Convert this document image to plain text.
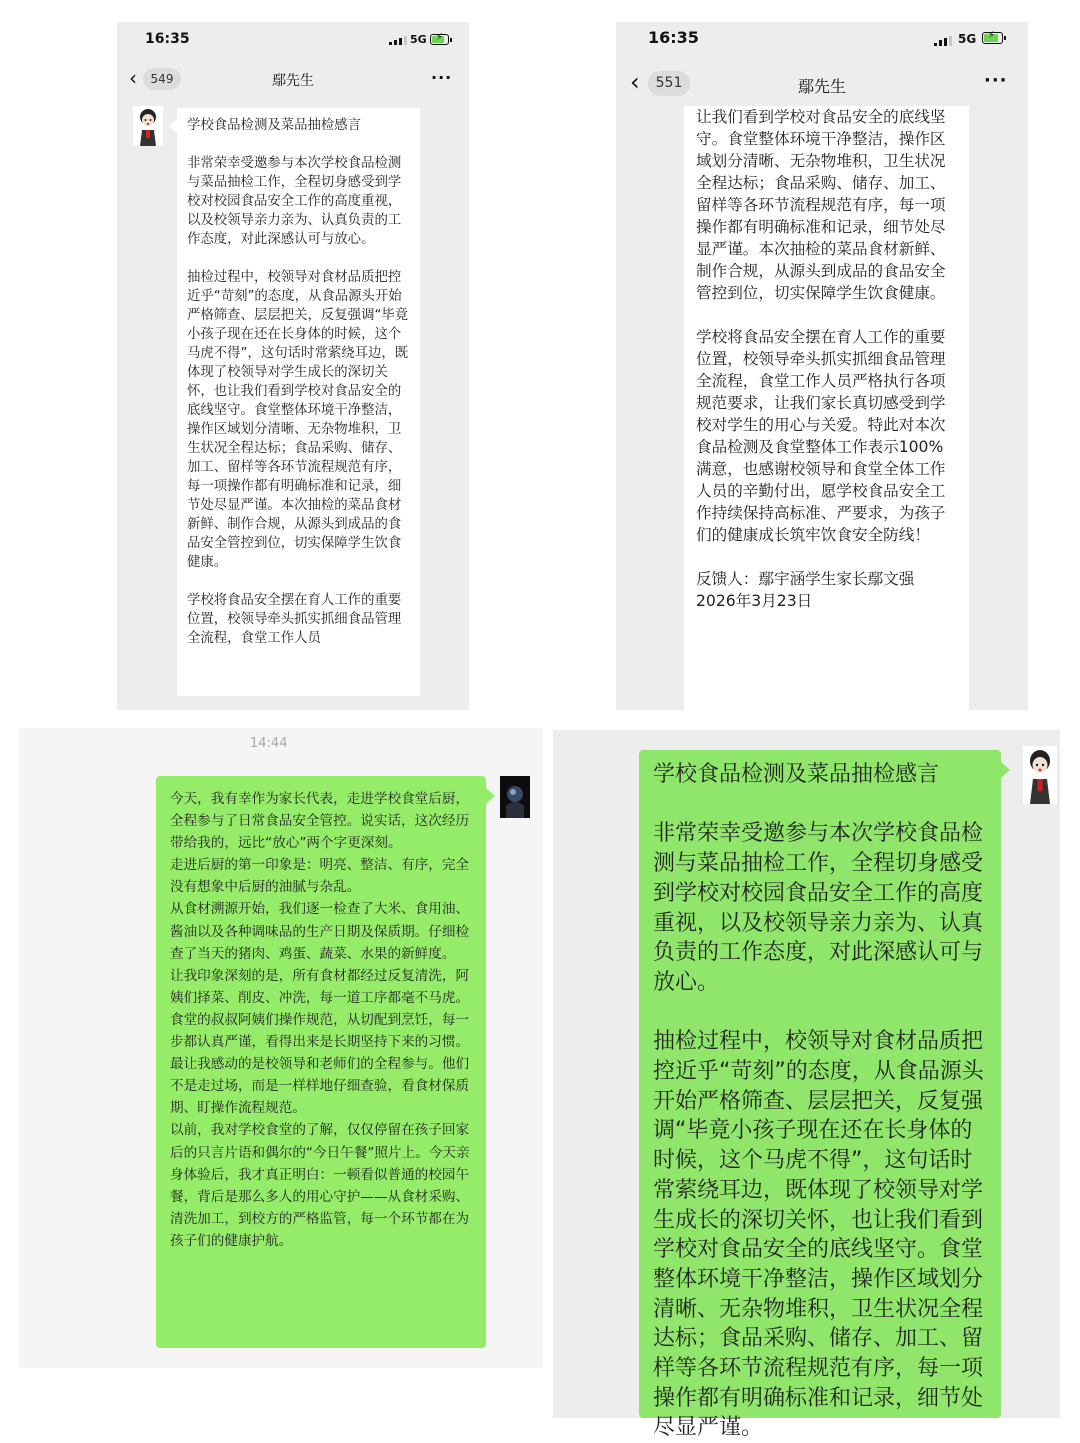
16:35	5G ⚡
‹	549	鄢先生	···
学校食品检测及菜品抽检感言

非常荣幸受邀参与本次学校食品检测与菜品抽检工作，全程切身感受到学校对校园食品安全工作的高度重视，以及校领导亲力亲为、认真负责的工作态度，对此深感认可与放心。

抽检过程中，校领导对食材品质把控近乎“苛刻”的态度，从食品源头开始严格筛查、层层把关，反复强调“毕竟小孩子现在还在长身体的时候，这个马虎不得”，这句话时常萦绕耳边，既体现了校领导对学生成长的深切关怀，也让我们看到学校对食品安全的底线坚守。食堂整体环境干净整洁，操作区域划分清晰、无杂物堆积，卫生状况全程达标；食品采购、储存、加工、留样等各环节流程规范有序，每一项操作都有明确标准和记录，细节处尽显严谨。本次抽检的菜品食材新鲜、制作合规，从源头到成品的食品安全管控到位，切实保障学生饮食健康。

学校将食品安全摆在育人工作的重要位置，校领导牵头抓实抓细食品管理全流程，食堂工作人员
16:35	5G ⚡
‹	551	鄢先生	···
让我们看到学校对食品安全的底线坚守。食堂整体环境干净整洁，操作区域划分清晰、无杂物堆积，卫生状况全程达标；食品采购、储存、加工、留样等各环节流程规范有序，每一项操作都有明确标准和记录，细节处尽显严谨。本次抽检的菜品食材新鲜、制作合规，从源头到成品的食品安全管控到位，切实保障学生饮食健康。

学校将食品安全摆在育人工作的重要位置，校领导牵头抓实抓细食品管理全流程，食堂工作人员严格执行各项规范要求，让我们家长真切感受到学校对学生的用心与关爱。特此对本次食品检测及食堂整体工作表示100%满意，也感谢校领导和食堂全体工作人员的辛勤付出，愿学校食品安全工作持续保持高标准、严要求，为孩子们的健康成长筑牢饮食安全防线！

反馈人：鄢宇涵学生家长鄢文强
2026年3月23日
14:44
今天，我有幸作为家长代表，走进学校食堂后厨，全程参与了日常食品安全管控。说实话，这次经历带给我的，远比“放心”两个字更深刻。
走进后厨的第一印象是：明亮、整洁、有序，完全没有想象中后厨的油腻与杂乱。
从食材溯源开始，我们逐一检查了大米、食用油、酱油以及各种调味品的生产日期及保质期。仔细检查了当天的猪肉、鸡蛋、蔬菜、水果的新鲜度。
让我印象深刻的是，所有食材都经过反复清洗，阿姨们择菜、削皮、冲洗，每一道工序都毫不马虎。食堂的叔叔阿姨们操作规范，从切配到烹饪，每一步都认真严谨，看得出来是长期坚持下来的习惯。
最让我感动的是校领导和老师们的全程参与。他们不是走过场，而是一样样地仔细查验，看食材保质期、盯操作流程规范。
以前，我对学校食堂的了解，仅仅停留在孩子回家后的只言片语和偶尔的“今日午餐”照片上。今天亲身体验后，我才真正明白：一顿看似普通的校园午餐，背后是那么多人的用心守护——从食材采购、清洗加工，到校方的严格监管，每一个环节都在为孩子们的健康护航。
学校食品检测及菜品抽检感言

非常荣幸受邀参与本次学校食品检测与菜品抽检工作，全程切身感受到学校对校园食品安全工作的高度重视，以及校领导亲力亲为、认真负责的工作态度，对此深感认可与放心。

抽检过程中，校领导对食材品质把控近乎“苛刻”的态度，从食品源头开始严格筛查、层层把关，反复强调“毕竟小孩子现在还在长身体的时候，这个马虎不得”，这句话时常萦绕耳边，既体现了校领导对学生成长的深切关怀，也让我们看到学校对食品安全的底线坚守。食堂整体环境干净整洁，操作区域划分清晰、无杂物堆积，卫生状况全程达标；食品采购、储存、加工、留样等各环节流程规范有序，每一项操作都有明确标准和记录，细节处尽显严谨。
